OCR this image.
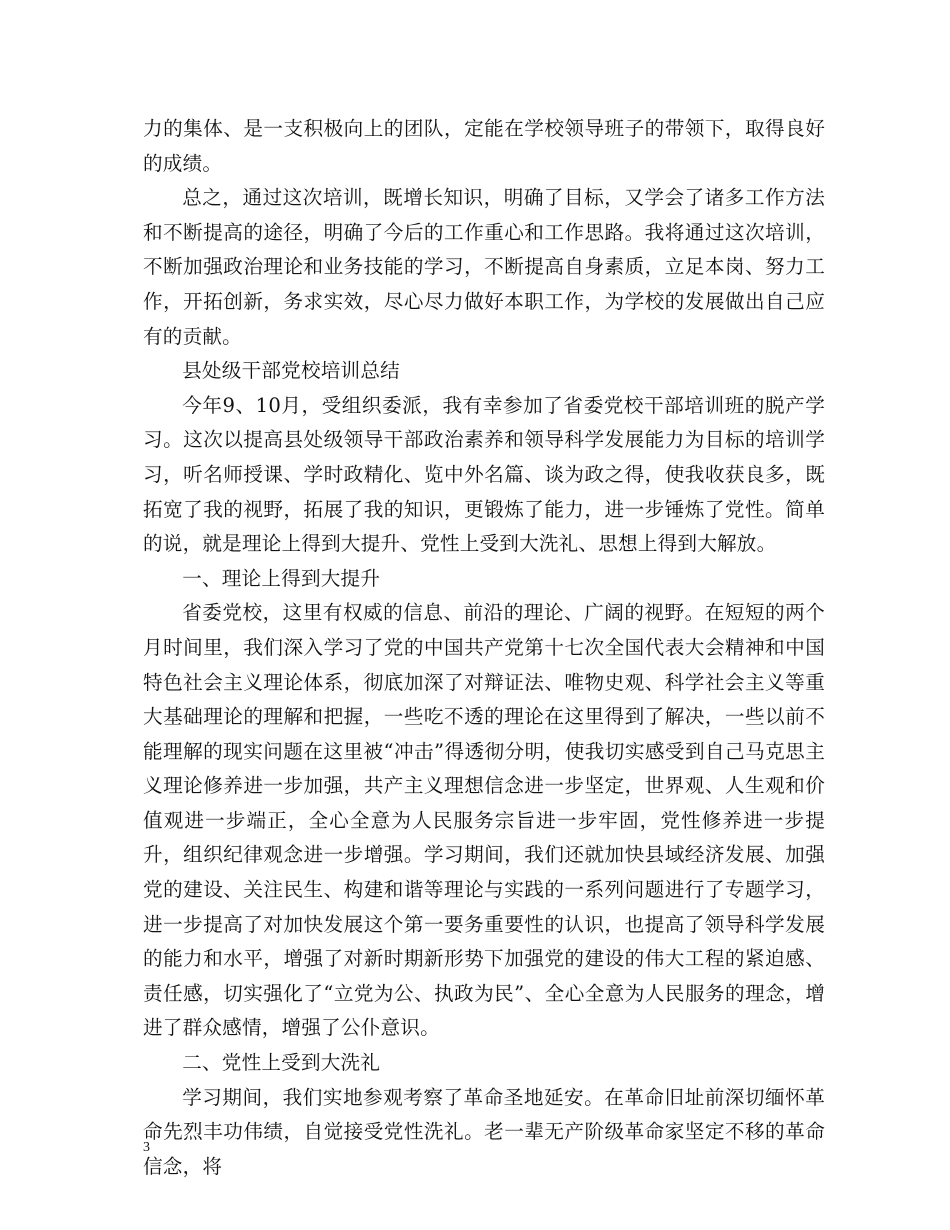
力的集体、是一支积极向上的团队，定能在学校领导班子的带领下，取得良好的成绩。

总之，通过这次培训，既增长知识，明确了目标，又学会了诸多工作方法和不断提高的途径，明确了今后的工作重心和工作思路。我将通过这次培训，不断加强政治理论和业务技能的学习，不断提高自身素质，立足本岗、努力工作，开拓创新，务求实效，尽心尽力做好本职工作，为学校的发展做出自己应有的贡献。

县处级干部党校培训总结

今年9、10月，受组织委派，我有幸参加了省委党校干部培训班的脱产学习。这次以提高县处级领导干部政治素养和领导科学发展能力为目标的培训学习，听名师授课、学时政精化、览中外名篇、谈为政之得，使我收获良多，既拓宽了我的视野，拓展了我的知识，更锻炼了能力，进一步锤炼了党性。简单的说，就是理论上得到大提升、党性上受到大洗礼、思想上得到大解放。

一、理论上得到大提升

省委党校，这里有权威的信息、前沿的理论、广阔的视野。在短短的两个月时间里，我们深入学习了党的中国共产党第十七次全国代表大会精神和中国特色社会主义理论体系，彻底加深了对辩证法、唯物史观、科学社会主义等重大基础理论的理解和把握，一些吃不透的理论在这里得到了解决，一些以前不能理解的现实问题在这里被“冲击”得透彻分明，使我切实感受到自己马克思主义理论修养进一步加强，共产主义理想信念进一步坚定，世界观、人生观和价值观进一步端正，全心全意为人民服务宗旨进一步牢固，党性修养进一步提升，组织纪律观念进一步增强。学习期间，我们还就加快县域经济发展、加强党的建设、关注民生、构建和谐等理论与实践的一系列问题进行了专题学习，进一步提高了对加快发展这个第一要务重要性的认识，也提高了领导科学发展的能力和水平，增强了对新时期新形势下加强党的建设的伟大工程的紧迫感、责任感，切实强化了“立党为公、执政为民”、全心全意为人民服务的理念，增进了群众感情，增强了公仆意识。

二、党性上受到大洗礼

学习期间，我们实地参观考察了革命圣地延安。在革命旧址前深切缅怀革命先烈丰功伟绩，自觉接受党性洗礼。老一辈无产阶级革命家坚定不移的革命信念，将

3
